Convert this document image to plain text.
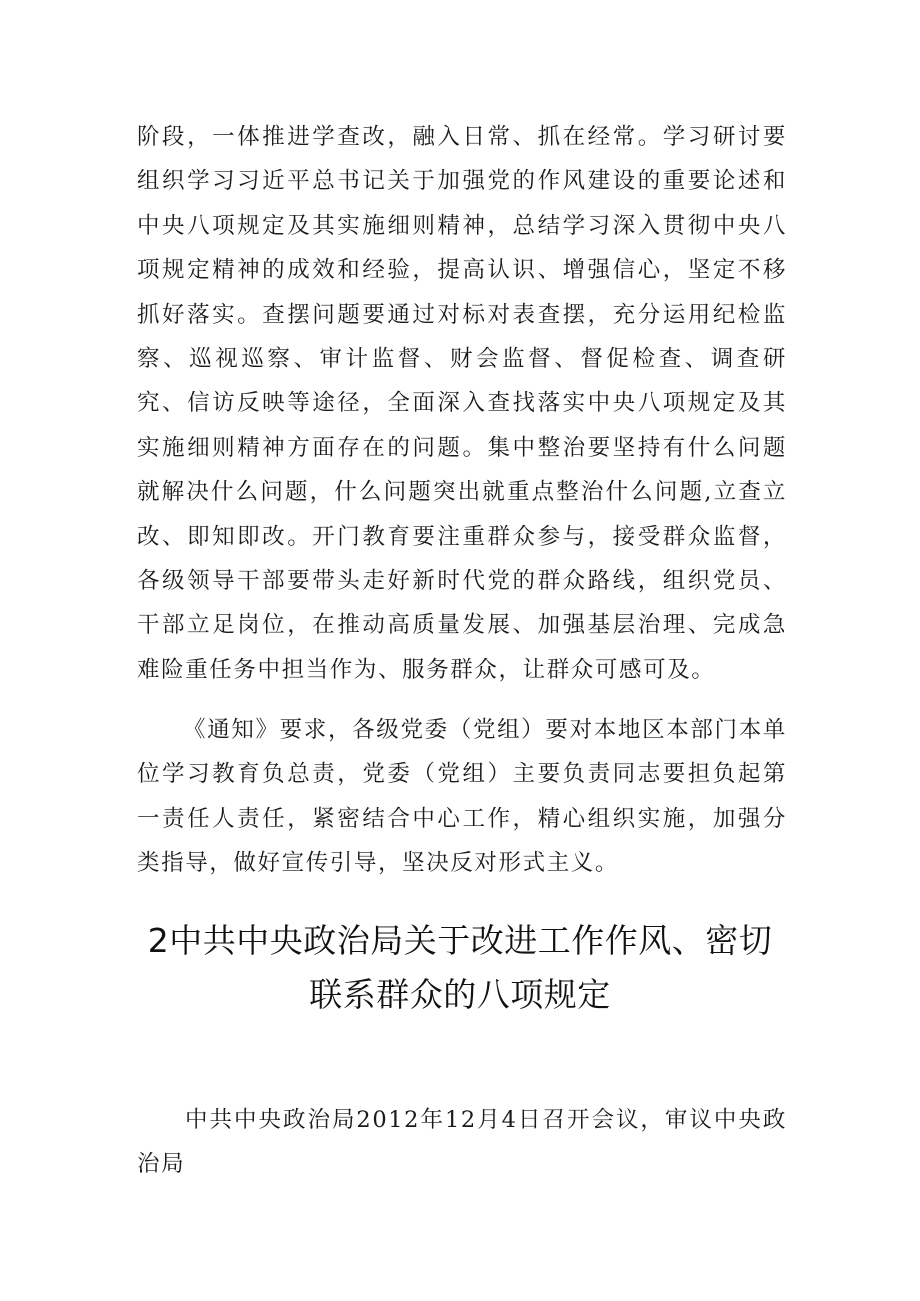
阶段，一体推进学查改，融入日常、抓在经常。学习研讨要组织学习习近平总书记关于加强党的作风建设的重要论述和中央八项规定及其实施细则精神，总结学习深入贯彻中央八项规定精神的成效和经验，提高认识、增强信心，坚定不移抓好落实。查摆问题要通过对标对表查摆，充分运用纪检监察、巡视巡察、审计监督、财会监督、督促检查、调查研究、信访反映等途径，全面深入查找落实中央八项规定及其实施细则精神方面存在的问题。集中整治要坚持有什么问题就解决什么问题，什么问题突出就重点整治什么问题,立查立改、即知即改。开门教育要注重群众参与，接受群众监督，各级领导干部要带头走好新时代党的群众路线，组织党员、干部立足岗位，在推动高质量发展、加强基层治理、完成急难险重任务中担当作为、服务群众，让群众可感可及。

《通知》要求，各级党委（党组）要对本地区本部门本单位学习教育负总责，党委（党组）主要负责同志要担负起第一责任人责任，紧密结合中心工作，精心组织实施，加强分类指导，做好宣传引导，坚决反对形式主义。

2中共中央政治局关于改进工作作风、密切
联系群众的八项规定

中共中央政治局2012年12月4日召开会议，审议中央政治局
